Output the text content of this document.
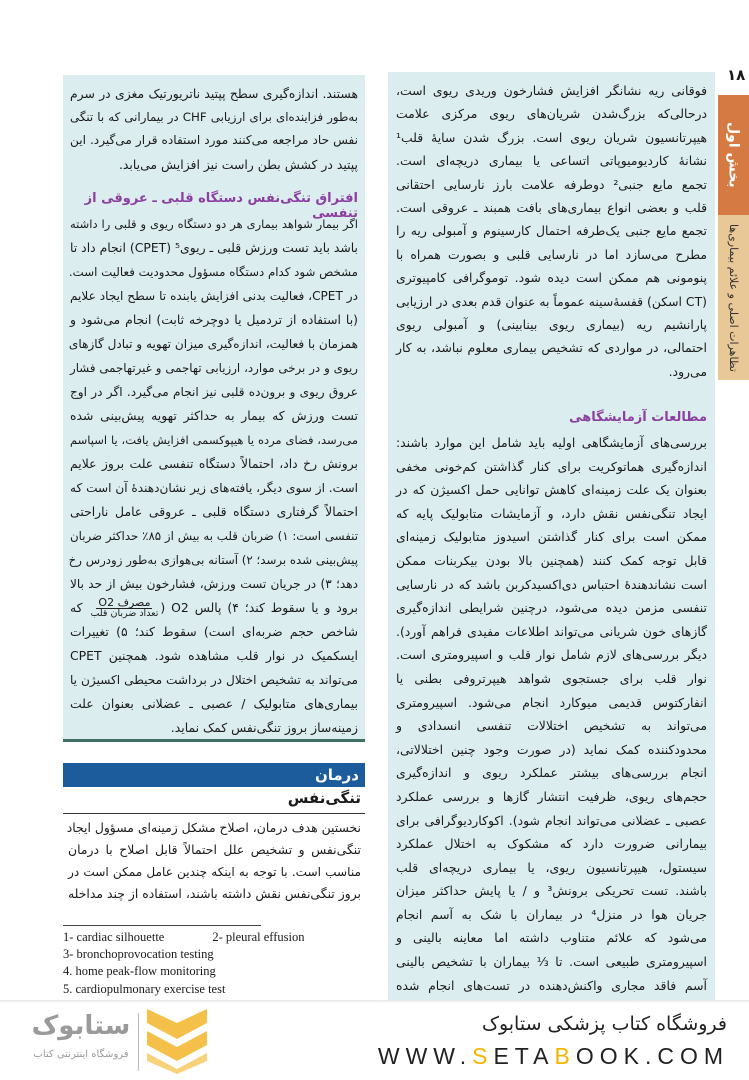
۱۸
بخش اول
تظاهرات اصلی و علائم بیماری‌ها
فوقانی ریه نشانگر افزایش فشارخون وریدی ریوی است،
درحالی‌که بزرگ‌شدن شریان‌های ریوی مرکزی علامت
هیپرتانسیون شریان ریوی است. بزرگ شدن سایهٔ قلب¹
نشانهٔ کاردیومیوپاتی اتساعی یا بیماری دریچه‌ای است.
تجمع مایع جنبی² دوطرفه علامت بارز نارسایی احتقانی
قلب و بعضی انواع بیماری‌های بافت همبند ـ عروقی است.
تجمع مایع جنبی یک‌طرفه احتمال کارسینوم و آمبولی ریه را
مطرح می‌سازد اما در نارسایی قلبی و بصورت همراه با
پنومونی هم ممکن است دیده شود. توموگرافی کامپیوتری
(CT اسکن) قفسهٔ‌سینه عموماً به عنوان قدم بعدی در ارزیابی
پارانشیم ریه (بیماری ریوی بینابینی) و آمبولی ریوی
احتمالی، در مواردی که تشخیص بیماری معلوم نباشد، به کار
می‌رود.
مطالعات آزمایشگاهی
بررسی‌های آزمایشگاهی اولیه باید شامل این موارد باشند:
اندازه‌گیری هماتوکریت برای کنار گذاشتن کم‌خونی مخفی
بعنوان یک علت زمینه‌ای کاهش توانایی حمل اکسیژن که در
ایجاد تنگی‌نفس نقش دارد، و آزمایشات متابولیک پایه که
ممکن است برای کنار گذاشتن اسیدوز متابولیک زمینه‌ای
قابل توجه کمک کنند (همچنین بالا بودن بیکربنات ممکن
است نشاندهندهٔ احتباس دی‌اکسیدکربن باشد که در نارسایی
تنفسی مزمن دیده می‌شود، درچنین شرایطی اندازه‌گیری
گازهای خون شریانی می‌تواند اطلاعات مفیدی فراهم آورد).
دیگر بررسی‌های لازم شامل نوار قلب و اسپیرومتری است.
نوار قلب برای جستجوی شواهد هیپرتروفی بطنی یا
انفارکتوس قدیمی میوکارد انجام می‌شود. اسپیرومتری
می‌تواند به تشخیص اختلالات تنفسی انسدادی و
محدودکننده کمک نماید (در صورت وجود چنین اختلالاتی،
انجام بررسی‌های بیشتر عملکرد ریوی و اندازه‌گیری
حجم‌های ریوی، ظرفیت انتشار گازها و بررسی عملکرد
عصبی ـ عضلانی می‌تواند انجام شود). اکوکاردیوگرافی برای
بیمارانی ضرورت دارد که مشکوک به اختلال عملکرد
سیستول، هیپرتانسیون ریوی، یا بیماری دریچه‌ای قلب
باشند. تست تحریکی برونش³ و / یا پایش حداکثر میزان
جریان هوا در منزل⁴ در بیماران با شک به آسم انجام
می‌شود که علائم متناوب داشته اما معاینه بالینی و
اسپیرومتری طبیعی است. تا ⅓ بیماران با تشخیص بالینی
آسم فاقد مجاری واکنش‌دهنده در تست‌های انجام شده
هستند. اندازه‌گیری سطح پپتید ناتریورتیک مغزی در سرم
به‌طور فزاینده‌ای برای ارزیابی CHF در بیمارانی که با تنگی
نفس حاد مراجعه می‌کنند مورد استفاده قرار می‌گیرد. این
پپتید در کشش بطن راست نیز افزایش می‌یابد.
افتراق تنگی‌نفس دستگاه قلبی ـ عروقی از تنفسی
اگر بیمار شواهد بیماری هر دو دستگاه ریوی و قلبی را داشته
باشد باید تست ورزش قلبی ـ ریوی⁵ (CPET) انجام داد تا
مشخص شود کدام دستگاه مسؤول محدودیت فعالیت است.
در CPET، فعالیت بدنی افزایش یابنده تا سطح ایجاد علایم
(با استفاده از تردمیل یا دوچرخه ثابت) انجام می‌شود و
همزمان با فعالیت، اندازه‌گیری میزان تهویه و تبادل گازهای
ریوی و در برخی موارد، ارزیابی تهاجمی و غیرتهاجمی فشار
عروق ریوی و برون‌ده قلبی نیز انجام می‌گیرد. اگر در اوج
تست ورزش که بیمار به حداکثر تهویه پیش‌بینی شده
می‌رسد، فضای مرده یا هیپوکسمی افزایش یافت، یا اسپاسم
برونش رخ داد، احتمالاً دستگاه تنفسی علت بروز علایم
است. از سوی دیگر، یافته‌های زیر نشان‌دهندهٔ آن است که
احتمالاً گرفتاری دستگاه قلبی ـ عروقی عامل ناراحتی
تنفسی است: ۱) ضربان قلب به بیش از ۸۵٪ حداکثر ضربان
پیش‌بینی شده برسد؛ ۲) آستانه بی‌هوازی به‌طور زودرس رخ
دهد؛ ۳) در جریان تست ورزش، فشارخون بیش از حد بالا
برود و یا سقوط کند؛ ۴) پالس O2 (
$\frac{\text{مصرف O2}}{\text{تعداد ضربان قلب}}$
که
شاخص حجم ضربه‌ای است) سقوط کند؛ ۵) تغییرات
ایسکمیک در نوار قلب مشاهده شود. همچنین CPET
می‌تواند به تشخیص اختلال در برداشت محیطی اکسیژن یا
بیماری‌های متابولیک / عصبی ـ عضلانی بعنوان علت
زمینه‌ساز بروز تنگی‌نفس کمک نماید.
درمان
تنگی‌نفس
نخستین هدف درمان، اصلاح مشکل زمینه‌ای مسؤول ایجاد
تنگی‌نفس و تشخیص علل احتمالاً قابل اصلاح با درمان
مناسب است. با توجه به اینکه چندین عامل ممکن است در
بروز تنگی‌نفس نقش داشته باشند، استفاده از چند مداخله
1- cardiac silhouette	2- pleural effusion
3- bronchoprovocation testing
4. home peak-flow monitoring
5. cardiopulmonary exercise test
ستابوک
فروشگاه اینترنتی کتاب
فروشگاه کتاب پزشکی ستابوک
WWW.SETABOOK.COM
